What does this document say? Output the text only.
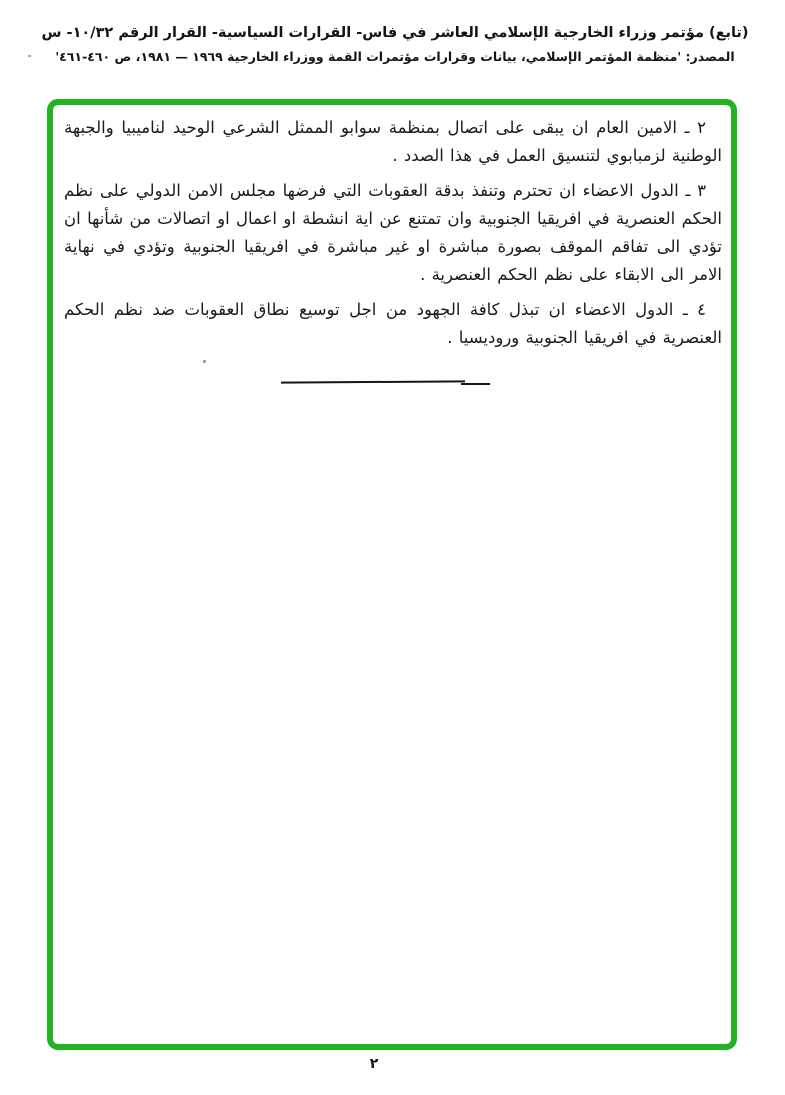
(تابع) مؤتمر وزراء الخارجية الإسلامي العاشر في فاس- القرارات السياسية- القرار الرقم ١٠/٣٢- س
المصدر: 'منظمة المؤتمر الإسلامي، بيانات وقرارات مؤتمرات القمة ووزراء الخارجية ١٩٦٩ — ١٩٨١، ص ٤٦٠-٤٦١'

٢ ـ الامين العام ان يبقى على اتصال بمنظمة سوابو الممثل الشرعي الوحيد لناميبيا والجبهة الوطنية لزمبابوي لتنسيق العمل في هذا الصدد .

٣ ـ الدول الاعضاء ان تحترم وتنفذ بدقة العقوبات التي فرضها مجلس الامن الدولي على نظم الحكم العنصرية في افريقيا الجنوبية وان تمتنع عن اية انشطة او اعمال او اتصالات من شأنها ان تؤدي الى تفاقم الموقف بصورة مباشرة او غير مباشرة في افريقيا الجنوبية وتؤدي في نهاية الامر الى الابقاء على نظم الحكم العنصرية .

٤ ـ الدول الاعضاء ان تبذل كافة الجهود من اجل توسيع نطاق العقوبات ضد نظم الحكم العنصرية في افريقيا الجنوبية وروديسيا .

٢
